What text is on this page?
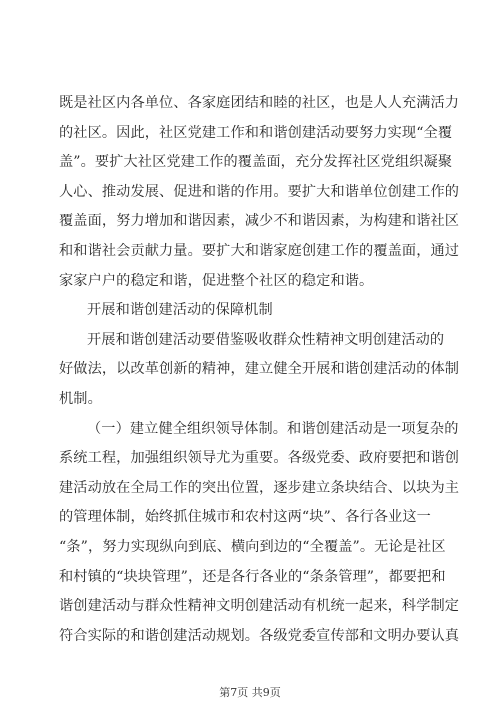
既是社区内各单位、各家庭团结和睦的社区，也是人人充满活力
的社区。因此，社区党建工作和和谐创建活动要努力实现“全覆
盖”。要扩大社区党建工作的覆盖面，充分发挥社区党组织凝聚
人心、推动发展、促进和谐的作用。要扩大和谐单位创建工作的
覆盖面，努力增加和谐因素，减少不和谐因素，为构建和谐社区
和和谐社会贡献力量。要扩大和谐家庭创建工作的覆盖面，通过
家家户户的稳定和谐，促进整个社区的稳定和谐。
开展和谐创建活动的保障机制
开展和谐创建活动要借鉴吸收群众性精神文明创建活动的
好做法，以改革创新的精神，建立健全开展和谐创建活动的体制
机制。
（一）建立健全组织领导体制。和谐创建活动是一项复杂的
系统工程，加强组织领导尤为重要。各级党委、政府要把和谐创
建活动放在全局工作的突出位置，逐步建立条块结合、以块为主
的管理体制，始终抓住城市和农村这两“块”、各行各业这一
“条”，努力实现纵向到底、横向到边的“全覆盖”。无论是社区
和村镇的“块块管理”，还是各行各业的“条条管理”，都要把和
谐创建活动与群众性精神文明创建活动有机统一起来，科学制定
符合实际的和谐创建活动规划。各级党委宣传部和文明办要认真
第7页 共9页
